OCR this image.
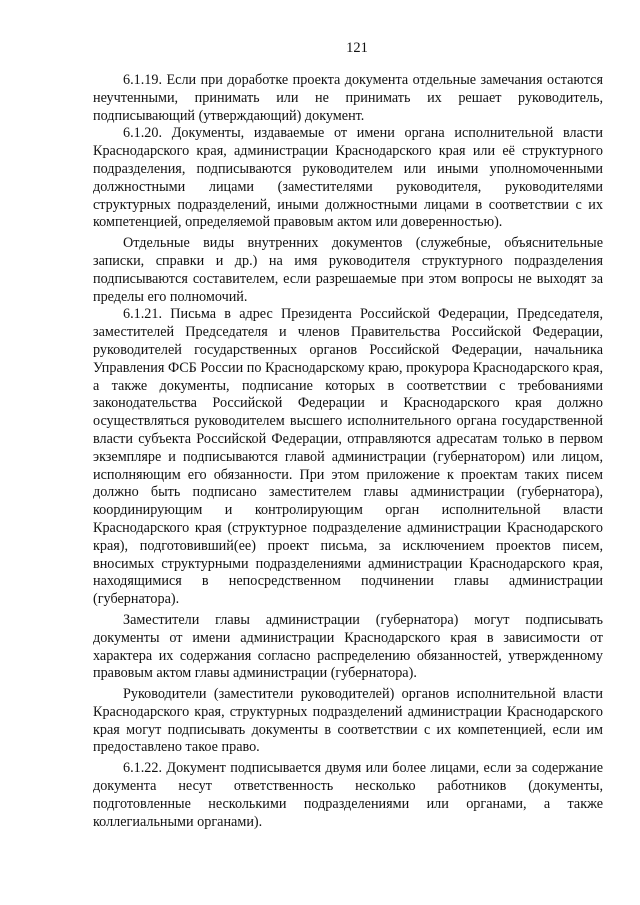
121

6.1.19. Если при доработке проекта документа отдельные замечания остаются неучтенными, принимать или не принимать их решает руководитель, подписывающий (утверждающий) документ.

6.1.20. Документы, издаваемые от имени органа исполнительной власти Краснодарского края, администрации Краснодарского края или её структурного подразделения, подписываются руководителем или иными уполномоченными должностными лицами (заместителями руководителя, руководителями структурных подразделений, иными должностными лицами в соответствии с их компетенцией, определяемой правовым актом или доверенностью).

Отдельные виды внутренних документов (служебные, объяснительные записки, справки и др.) на имя руководителя структурного подразделения подписываются составителем, если разрешаемые при этом вопросы не выходят за пределы его полномочий.

6.1.21. Письма в адрес Президента Российской Федерации, Председателя, заместителей Председателя и членов Правительства Российской Федерации, руководителей государственных органов Российской Федерации, начальника Управления ФСБ России по Краснодарскому краю, прокурора Краснодарского края, а также документы, подписание которых в соответствии с требованиями законодательства Российской Федерации и Краснодарского края должно осуществляться руководителем высшего исполнительного органа государственной власти субъекта Российской Федерации, отправляются адресатам только в первом экземпляре и подписываются главой администрации (губернатором) или лицом, исполняющим его обязанности. При этом приложение к проектам таких писем должно быть подписано заместителем главы администрации (губернатора), координирующим и контролирующим орган исполнительной власти Краснодарского края (структурное подразделение администрации Краснодарского края), подготовивший(ее) проект письма, за исключением проектов писем, вносимых структурными подразделениями администрации Краснодарского края, находящимися в непосредственном подчинении главы администрации (губернатора).

Заместители главы администрации (губернатора) могут подписывать документы от имени администрации Краснодарского края в зависимости от характера их содержания согласно распределению обязанностей, утвержденному правовым актом главы администрации (губернатора).

Руководители (заместители руководителей) органов исполнительной власти Краснодарского края, структурных подразделений администрации Краснодарского края могут подписывать документы в соответствии с их компетенцией, если им предоставлено такое право.

6.1.22. Документ подписывается двумя или более лицами, если за содержание документа несут ответственность несколько работников (документы, подготовленные несколькими подразделениями или органами, а также коллегиальными органами).
